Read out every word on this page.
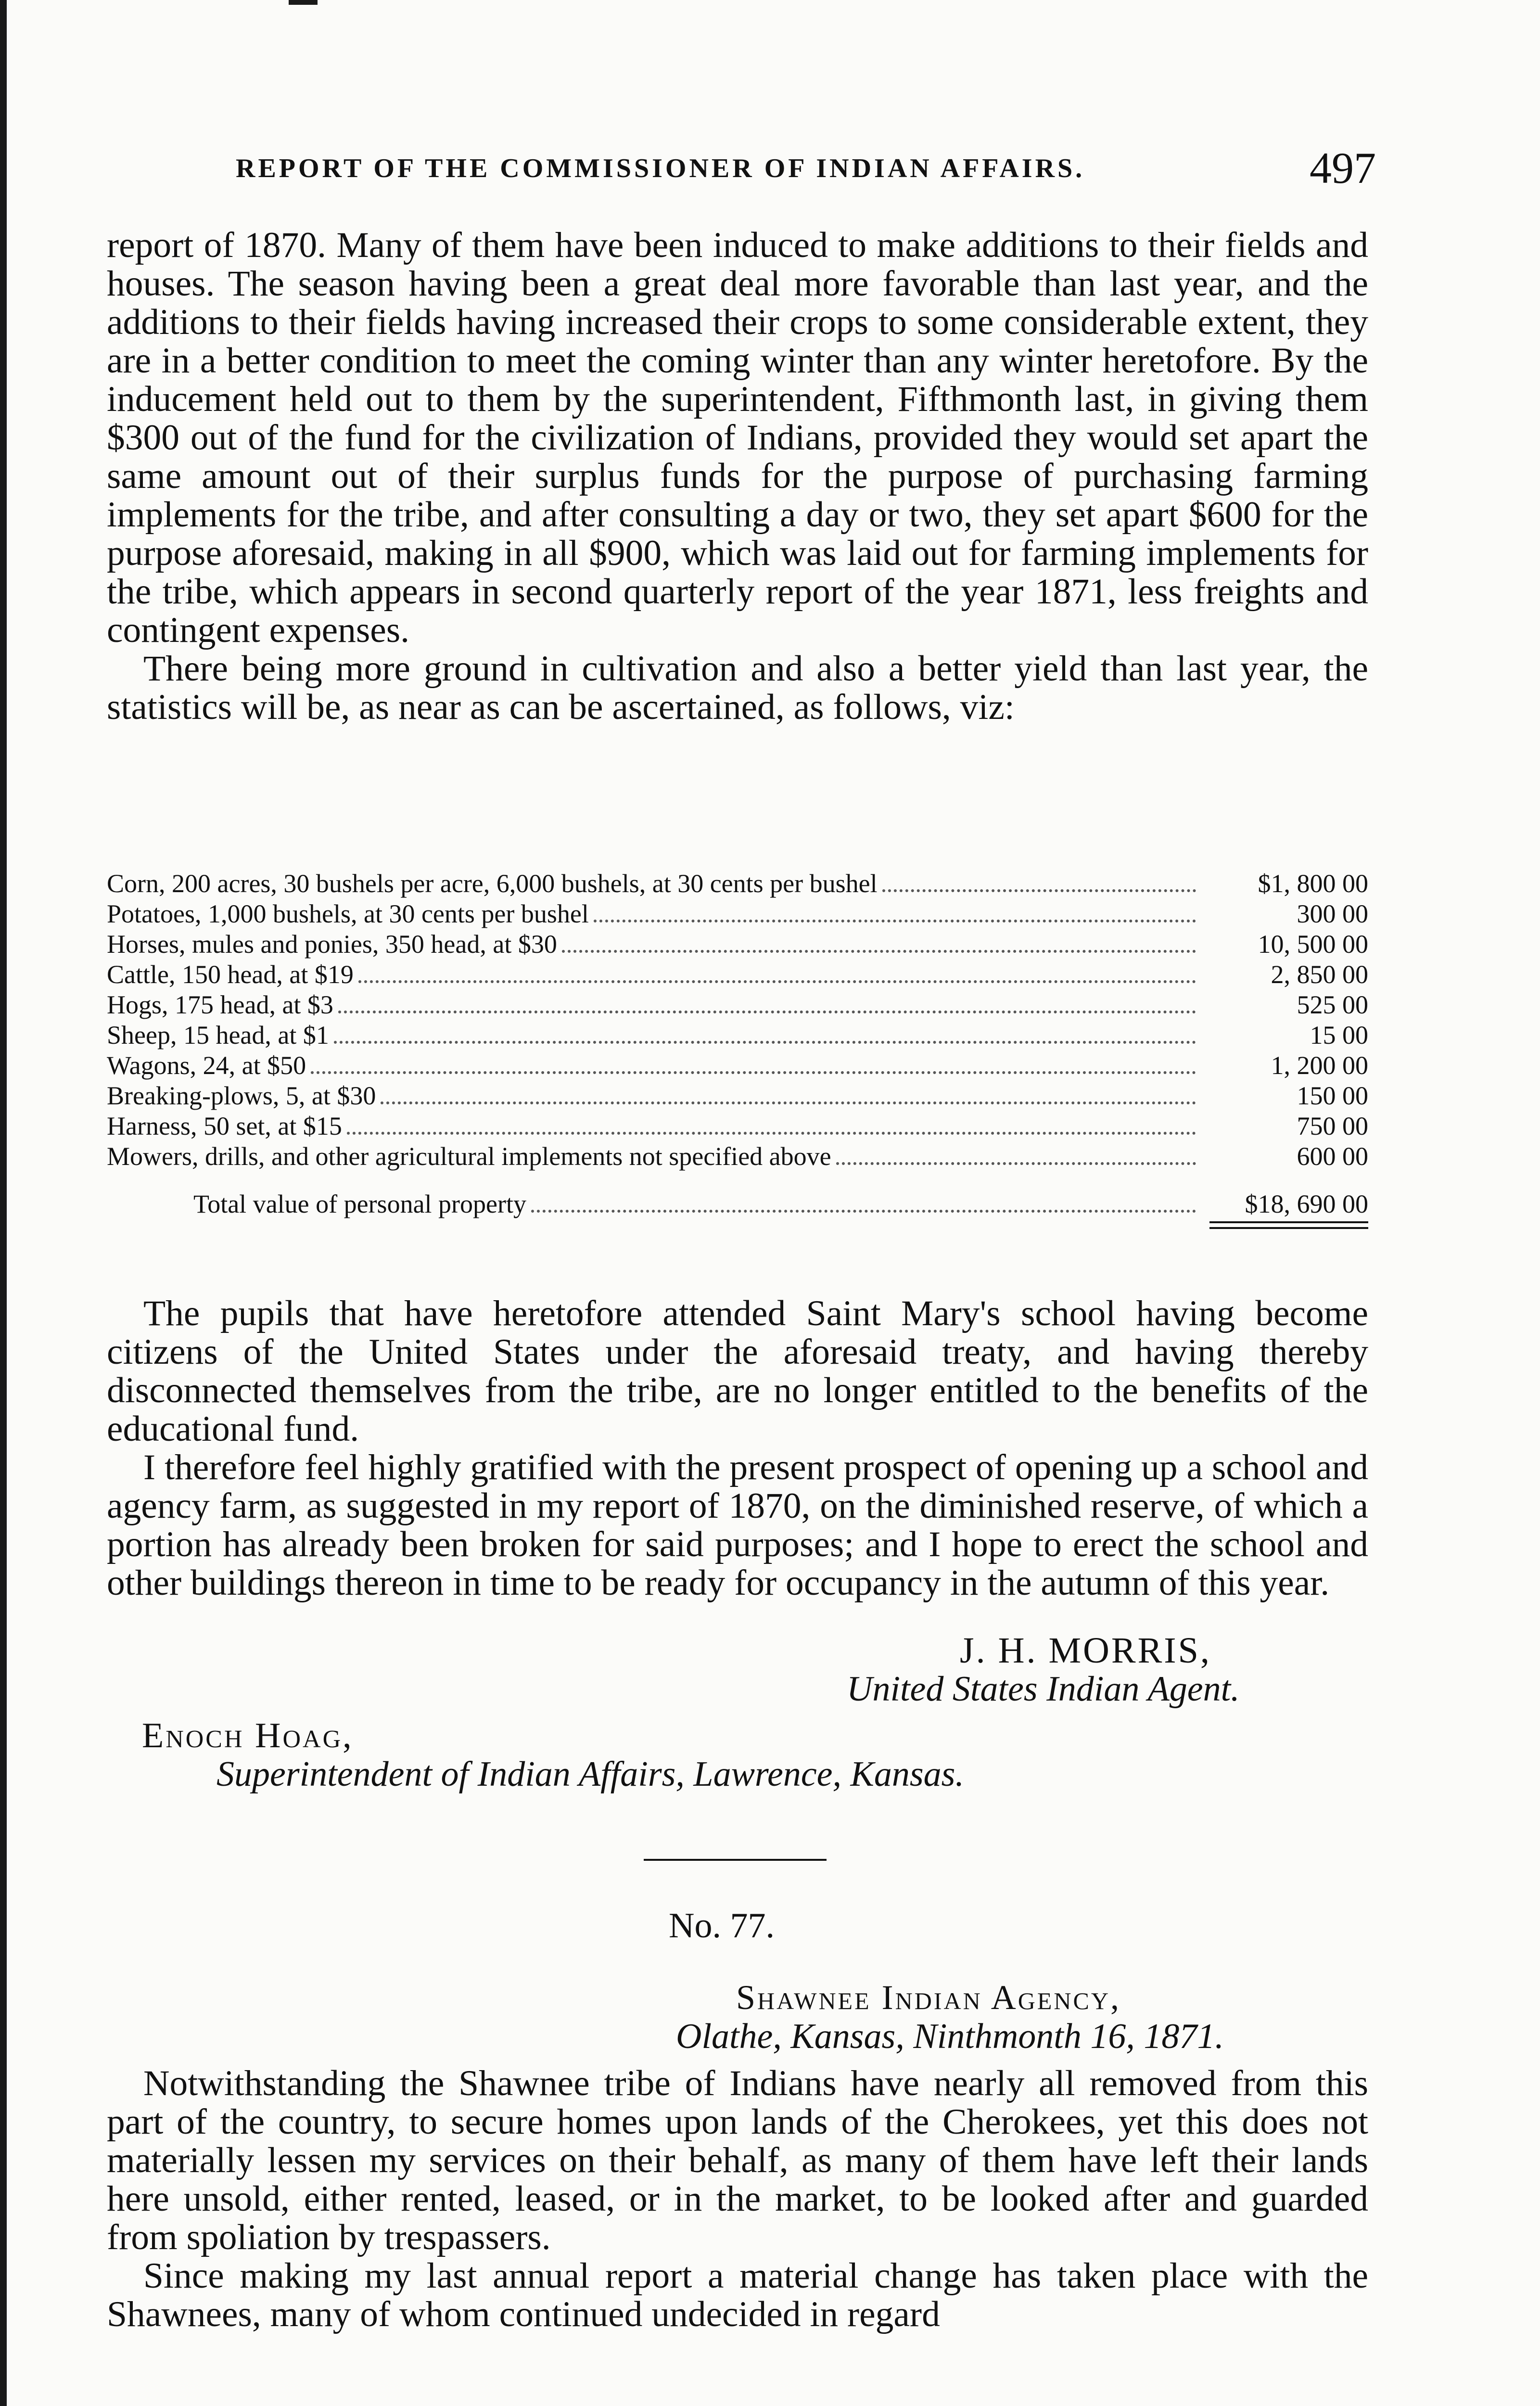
REPORT OF THE COMMISSIONER OF INDIAN AFFAIRS.	497

report of 1870. Many of them have been induced to make additions to their fields and houses. The season having been a great deal more favorable than last year, and the additions to their fields having increased their crops to some considerable extent, they are in a better condition to meet the coming winter than any winter heretofore. By the inducement held out to them by the superintendent, Fifthmonth last, in giving them $300 out of the fund for the civilization of Indians, provided they would set apart the same amount out of their surplus funds for the purpose of purchasing farming implements for the tribe, and after consulting a day or two, they set apart $600 for the purpose aforesaid, making in all $900, which was laid out for farming implements for the tribe, which appears in second quarterly report of the year 1871, less freights and contingent expenses.

There being more ground in cultivation and also a better yield than last year, the statistics will be, as near as can be ascertained, as follows, viz:

Corn, 200 acres, 30 bushels per acre, 6,000 bushels, at 30 cents per bushel	$1, 800 00
Potatoes, 1,000 bushels, at 30 cents per bushel	300 00
Horses, mules and ponies, 350 head, at $30	10, 500 00
Cattle, 150 head, at $19	2, 850 00
Hogs, 175 head, at $3	525 00
Sheep, 15 head, at $1	15 00
Wagons, 24, at $50	1, 200 00
Breaking-plows, 5, at $30	150 00
Harness, 50 set, at $15	750 00
Mowers, drills, and other agricultural implements not specified above	600 00
Total value of personal property	$18, 690 00

The pupils that have heretofore attended Saint Mary's school having become citizens of the United States under the aforesaid treaty, and having thereby disconnected themselves from the tribe, are no longer entitled to the benefits of the educational fund.

I therefore feel highly gratified with the present prospect of opening up a school and agency farm, as suggested in my report of 1870, on the diminished reserve, of which a portion has already been broken for said purposes; and I hope to erect the school and other buildings thereon in time to be ready for occupancy in the autumn of this year.

J. H. MORRIS,
United States Indian Agent.
Enoch Hoag,
Superintendent of Indian Affairs, Lawrence, Kansas.
No. 77.
Shawnee Indian Agency,
Olathe, Kansas, Ninthmonth 16, 1871.

Notwithstanding the Shawnee tribe of Indians have nearly all removed from this part of the country, to secure homes upon lands of the Cherokees, yet this does not materially lessen my services on their behalf, as many of them have left their lands here unsold, either rented, leased, or in the market, to be looked after and guarded from spoliation by trespassers.

Since making my last annual report a material change has taken place with the Shawnees, many of whom continued undecided in regard
